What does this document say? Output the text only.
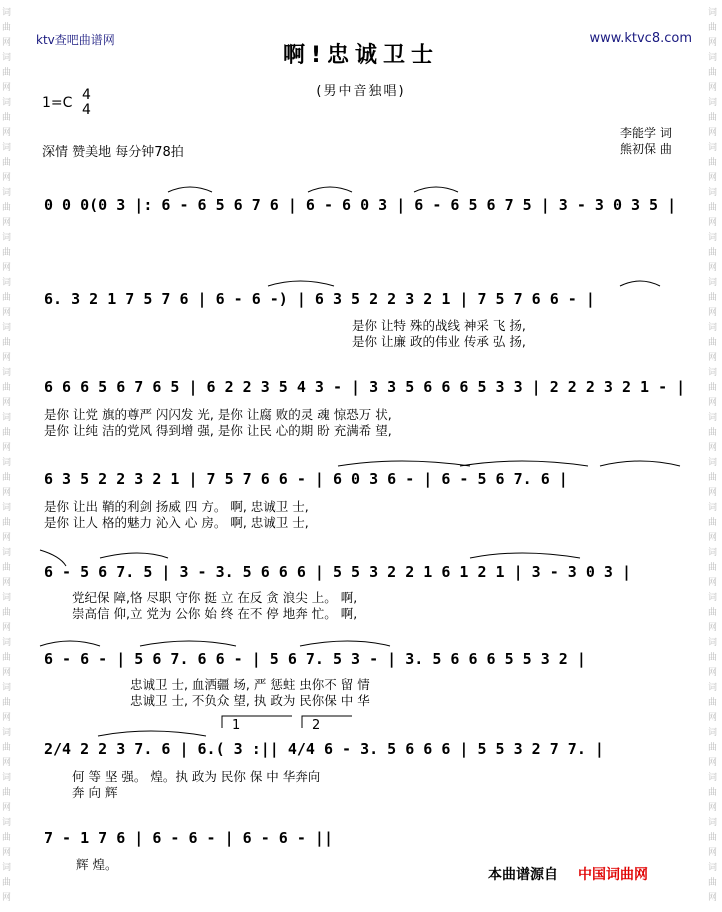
词
曲
网
词
曲
网
词
曲
网
词
曲
网
词
曲
网
词
曲
网
词
曲
网
词
曲
网
词
曲
网
词
曲
网
词
曲
网
词
曲
网
词
曲
网
词
曲
网
词
曲
网
词
曲
网
词
曲
网
词
曲
网
词
曲
网
词
曲
网
词
曲
网
词
曲
网
词
曲
网
词
曲
网
词
曲
网
词
曲
网
词
曲
网
词
曲
网
词
曲
网
词
曲
网
词
曲
网
词
曲
网
词
曲
网
词
曲
网
词
曲
网
词
曲
网
词
曲
网
词
曲
网
词
曲
网
词
曲
网
ktv查吧曲谱网	www.ktvc8.com
啊!忠诚卫士
(男中音独唱)
1=C 4
4
深情 赞美地 每分钟78拍
李能学 词
熊初保 曲
0 0 0(0 3 |: 6 - 6 5 6 7 6 | 6 - 6 0 3 | 6 - 6 5 6 7 5 | 3 - 3 0 3 5 |
6. 3 2 1 7 5 7 6 | 6 - 6 -) | 6 3 5 2 2 3 2 1 | 7 5 7 6 6 - |
6 6 6 5 6 7 6 5 | 6 2 2 3 5 4 3 - | 3 3 5 6 6 6 5 3 3 | 2 2 2 3 2 1 - |
6 3 5 2 2 3 2 1 | 7 5 7 6 6 - | 6 0 3 6 - | 6 - 5 6 7. 6 |
6 - 5 6 7. 5 | 3 - 3. 5 6 6 6 | 5 5 3 2 2 1 6 1 2 1 | 3 - 3 0 3 |
6 - 6 - | 5 6 7. 6 6 - | 5 6 7. 5 3 - | 3. 5 6 6 6 5 5 3 2 |
2/4 2 2 3 7. 6 | 6.( 3 :|| 4/4 6 - 3. 5 6 6 6 | 5 5 3 2 7 7. |
7 - 1 7 6 | 6 - 6 - | 6 - 6 - ||
是你 让特 殊的战线 神采 飞 扬,
是你 让廉 政的伟业 传承 弘 扬,
是你 让党 旗的尊严 闪闪发 光, 是你 让腐 败的灵 魂 惊恐万 状,
是你 让纯 洁的党风 得到增 强, 是你 让民 心的期 盼 充满希 望,
是你 让出 鞘的利剑 扬威 四 方。 啊, 忠诚卫 士,
是你 让人 格的魅力 沁入 心 房。 啊, 忠诚卫 士,
党纪保 障,恪 尽职 守你 挺 立 在反 贪 浪尖 上。 啊,
崇高信 仰,立 党为 公你 始 终 在不 停 地奔 忙。 啊,
忠诚卫 士, 血洒疆 场, 严 惩蛀 虫你不 留 情
忠诚卫 士, 不负众 望, 执 政为 民你保 中 华
何 等 坚 强。 煌。执 政为 民你 保 中 华奔向
奔 向 辉
辉 煌。
1	2
本曲谱源自 中国词曲网
